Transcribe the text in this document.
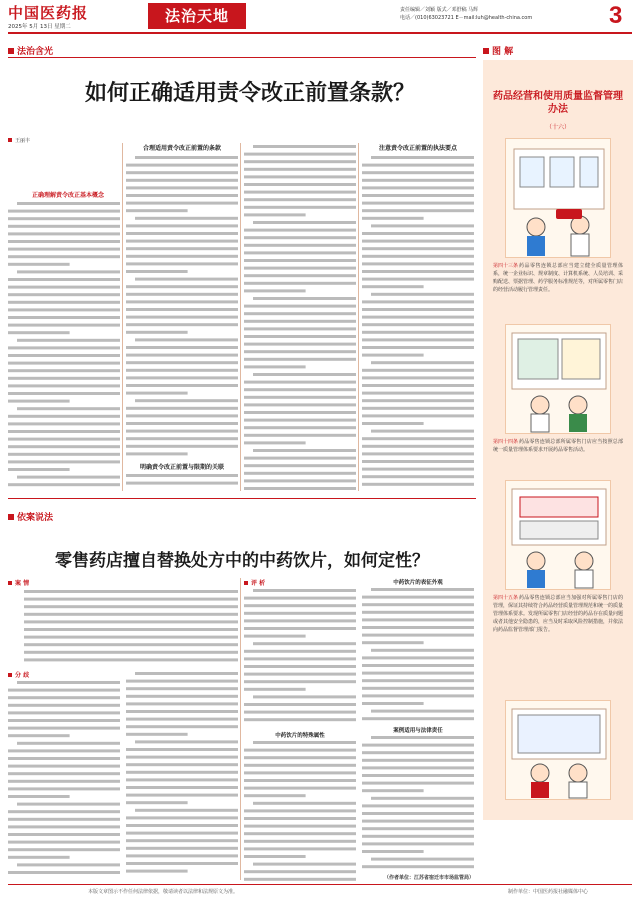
中国医药报
2025年 5月 13日 星期二
法治天地	责任编辑／刘颖 版式／邓舒稿 马辉
电话／(010)63023721 E－mail:luh@health-china.com	3
法治含光
如何正确适用责令改正前置条款？
王丽丰
正确理解责令改正基本概念
合理适用责令改正前置的条款
明确责令改正前置与限期的关联
注意责令改正前置的执法要点
图 解
药品经营和使用质量监督管理办法
（十六）
第四十三条 药品零售连锁总部应当建立健全质量管理体系，统一企业标识、规章制度、计算机系统、人员培训、采购配送、票据管理、药学服务标准规范等，对所属零售门店的经营活动履行管理责任。
第四十四条 药品零售连锁总部所属零售门店应当按照总部统一质量管理体系要求开展药品零售活动。
第四十五条 药品零售连锁总部应当加强对所属零售门店的管理，保证其持续符合药品经营质量管理规范和统一的质量管理体系要求。发现所属零售门店经营的药品存在质量问题或者其他安全隐患的，应当及时采取风险控制措施，并依法向药品监督管理部门报告。
依案说法
零售药店擅自替换处方中的中药饮片，如何定性？
案 情
分 歧
评 析
中药饮片的特殊属性
中药饮片的表征外观
案例适用与法律责任
（作者单位：江苏省宿迁市市场监管局）
本版文章图示不作任何法律依据，敬请读者以法律和法规原文为准。	制作单位：中国医药报社融媒体中心
